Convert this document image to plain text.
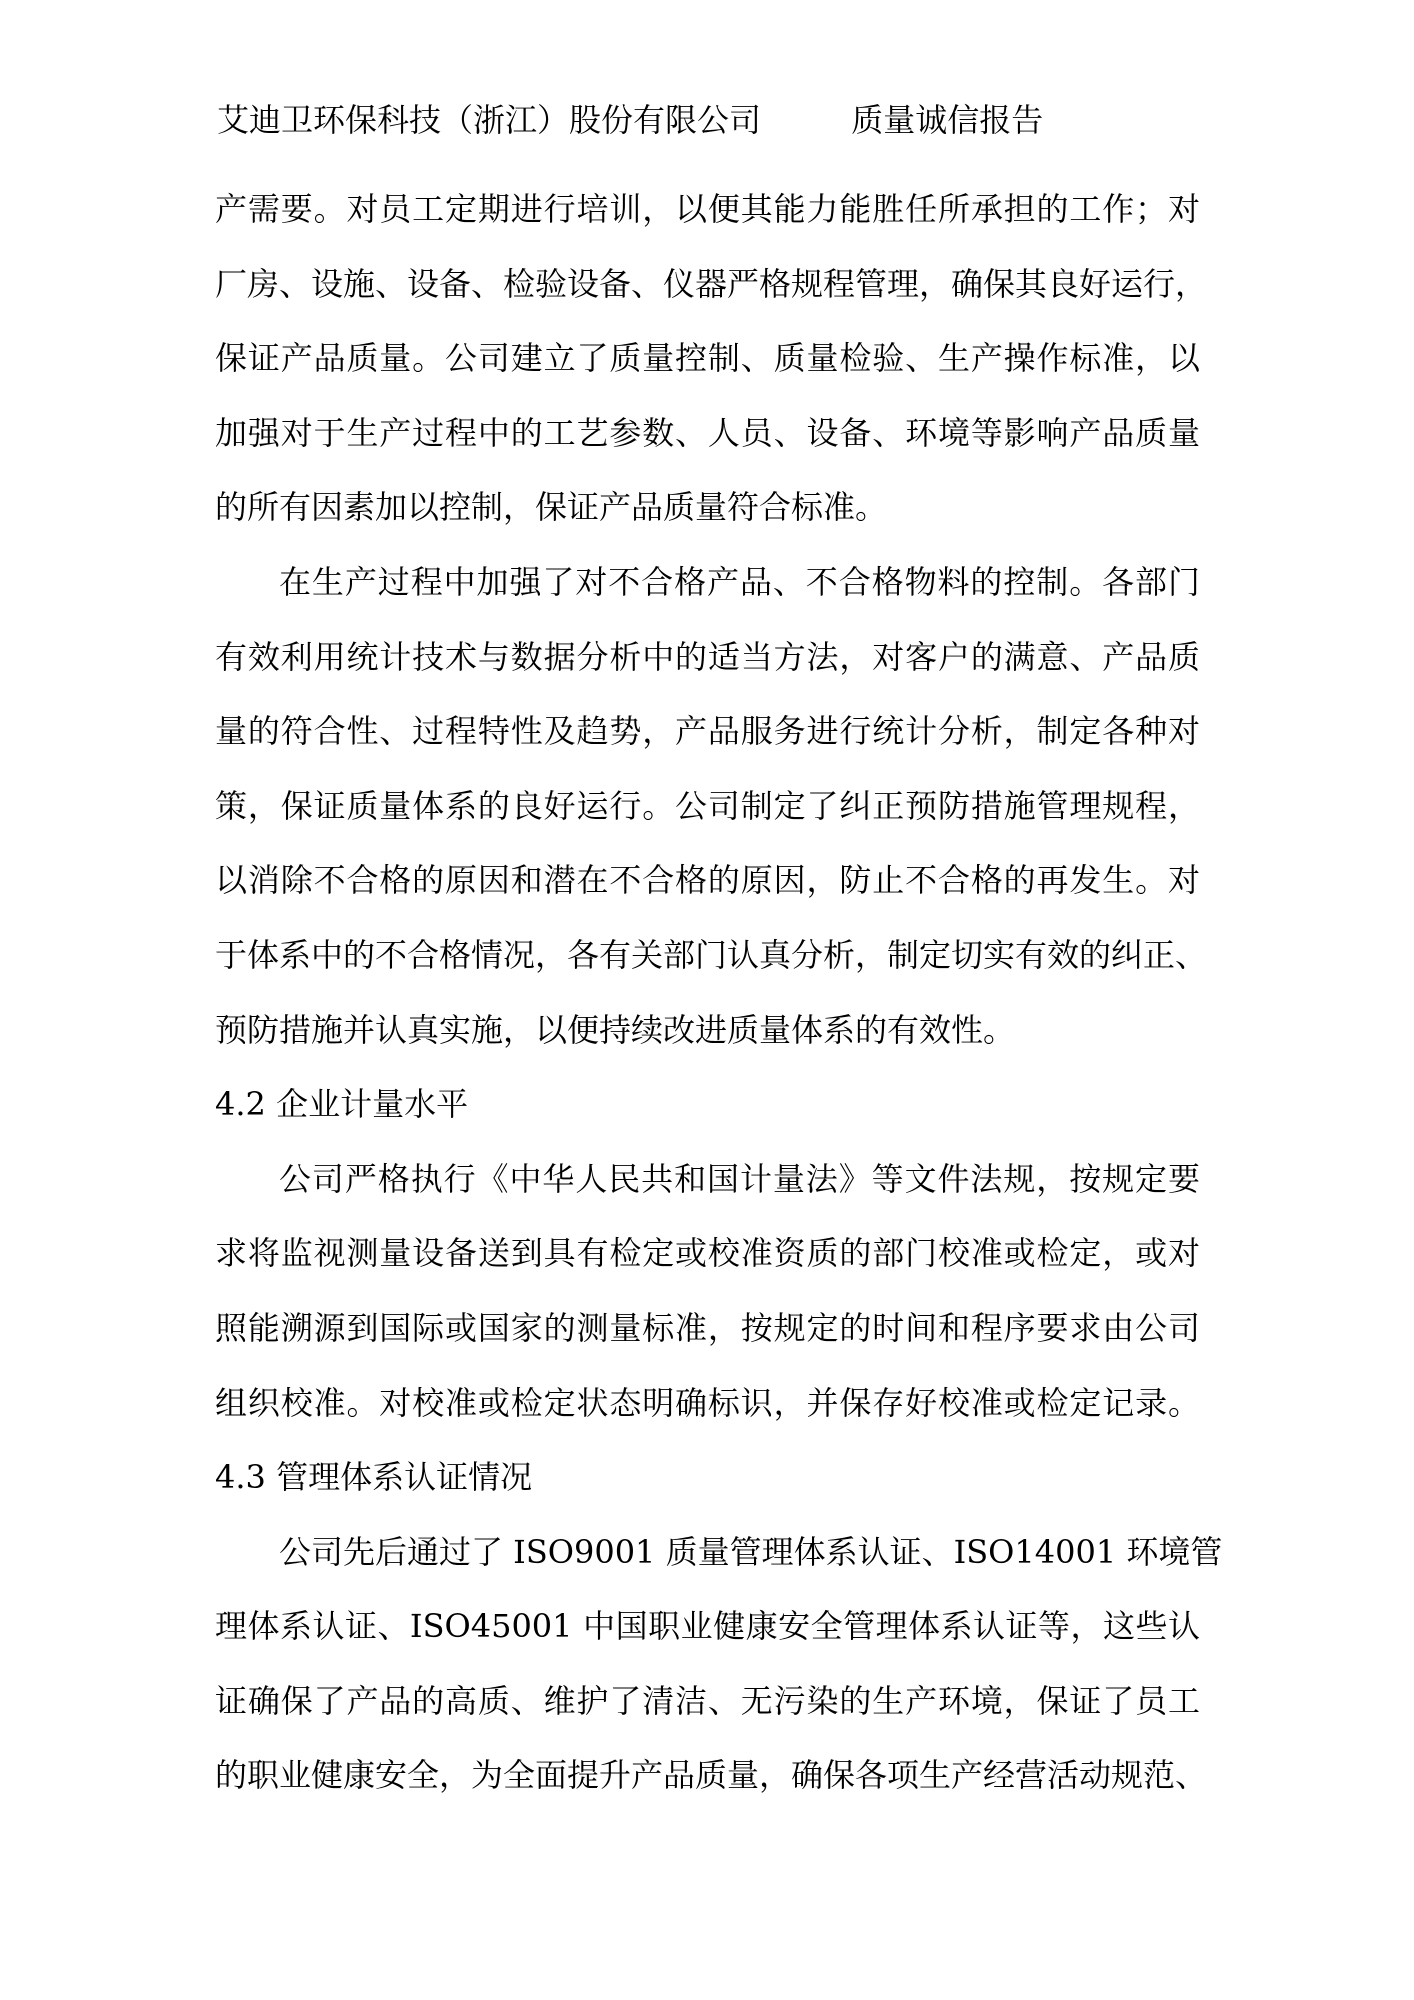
艾迪卫环保科技（浙江）股份有限公司	质量诚信报告
产需要。对员工定期进行培训，以便其能力能胜任所承担的工作；对
厂房、设施、设备、检验设备、仪器严格规程管理，确保其良好运行，
保证产品质量。公司建立了质量控制、质量检验、生产操作标准，以
加强对于生产过程中的工艺参数、人员、设备、环境等影响产品质量
的所有因素加以控制，保证产品质量符合标准。
在生产过程中加强了对不合格产品、不合格物料的控制。各部门
有效利用统计技术与数据分析中的适当方法，对客户的满意、产品质
量的符合性、过程特性及趋势，产品服务进行统计分析，制定各种对
策，保证质量体系的良好运行。公司制定了纠正预防措施管理规程，
以消除不合格的原因和潜在不合格的原因，防止不合格的再发生。对
于体系中的不合格情况，各有关部门认真分析，制定切实有效的纠正、
预防措施并认真实施，以便持续改进质量体系的有效性。
4.2 企业计量水平
公司严格执行《中华人民共和国计量法》等文件法规，按规定要
求将监视测量设备送到具有检定或校准资质的部门校准或检定，或对
照能溯源到国际或国家的测量标准，按规定的时间和程序要求由公司
组织校准。对校准或检定状态明确标识，并保存好校准或检定记录。
4.3 管理体系认证情况
公司先后通过了 ISO9001 质量管理体系认证、ISO14001 环境管
理体系认证、ISO45001 中国职业健康安全管理体系认证等，这些认
证确保了产品的高质、维护了清洁、无污染的生产环境，保证了员工
的职业健康安全，为全面提升产品质量，确保各项生产经营活动规范、
